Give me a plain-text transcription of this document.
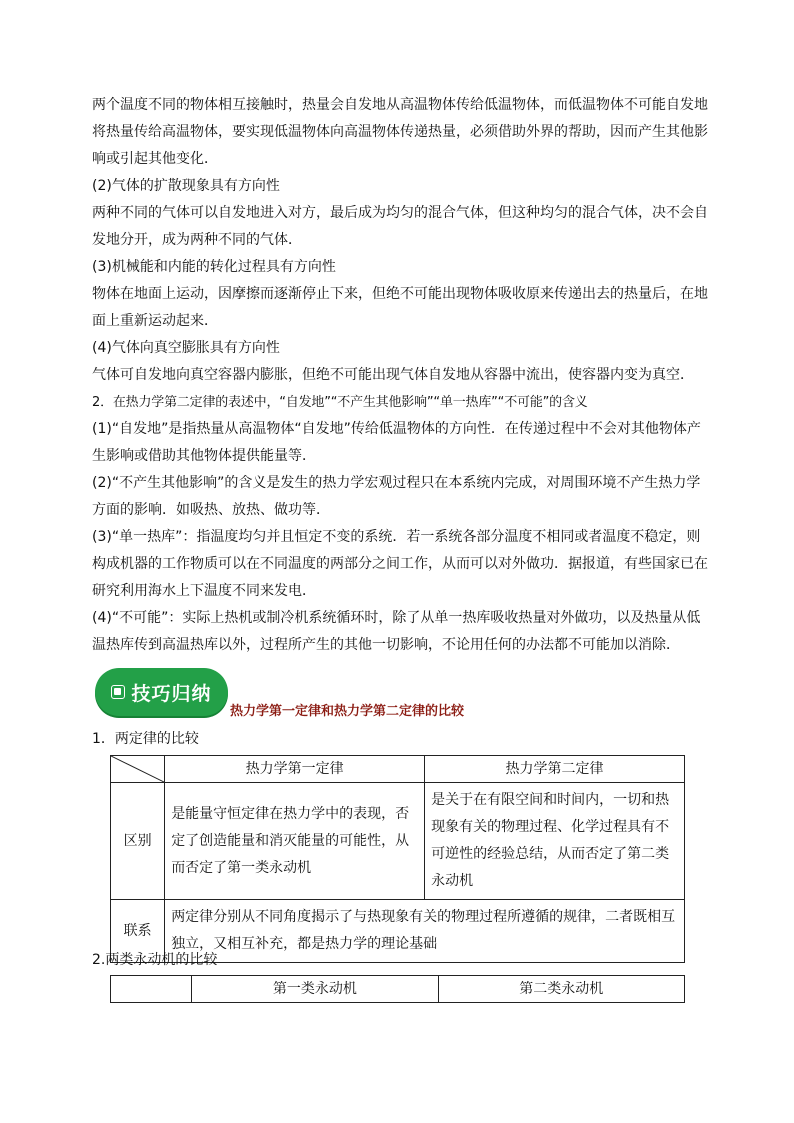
两个温度不同的物体相互接触时，热量会自发地从高温物体传给低温物体，而低温物体不可能自发地将热量传给高温物体，要实现低温物体向高温物体传递热量，必须借助外界的帮助，因而产生其他影响或引起其他变化．

(2)气体的扩散现象具有方向性

两种不同的气体可以自发地进入对方，最后成为均匀的混合气体，但这种均匀的混合气体，决不会自发地分开，成为两种不同的气体．

(3)机械能和内能的转化过程具有方向性

物体在地面上运动，因摩擦而逐渐停止下来，但绝不可能出现物体吸收原来传递出去的热量后，在地面上重新运动起来．

(4)气体向真空膨胀具有方向性

气体可自发地向真空容器内膨胀，但绝不可能出现气体自发地从容器中流出，使容器内变为真空．

2．在热力学第二定律的表述中，“自发地”“不产生其他影响”“单一热库”“不可能”的含义

(1)“自发地”是指热量从高温物体“自发地”传给低温物体的方向性．在传递过程中不会对其他物体产生影响或借助其他物体提供能量等．

(2)“不产生其他影响”的含义是发生的热力学宏观过程只在本系统内完成，对周围环境不产生热力学方面的影响．如吸热、放热、做功等．

(3)“单一热库”：指温度均匀并且恒定不变的系统．若一系统各部分温度不相同或者温度不稳定，则构成机器的工作物质可以在不同温度的两部分之间工作，从而可以对外做功．据报道，有些国家已在研究利用海水上下温度不同来发电．

(4)“不可能”：实际上热机或制冷机系统循环时，除了从单一热库吸收热量对外做功，以及热量从低温热库传到高温热库以外，过程所产生的其他一切影响，不论用任何的办法都不可能加以消除．

技巧归纳
热力学第一定律和热力学第二定律的比较
1．两定律的比较
	热力学第一定律	热力学第二定律
区别	是能量守恒定律在热力学中的表现，否定了创造能量和消灭能量的可能性，从而否定了第一类永动机	是关于在有限空间和时间内，一切和热现象有关的物理过程、化学过程具有不可逆性的经验总结，从而否定了第二类永动机
联系	两定律分别从不同角度揭示了与热现象有关的物理过程所遵循的规律，二者既相互独立，又相互补充，都是热力学的理论基础	
2.两类永动机的比较
	第一类永动机	第二类永动机
